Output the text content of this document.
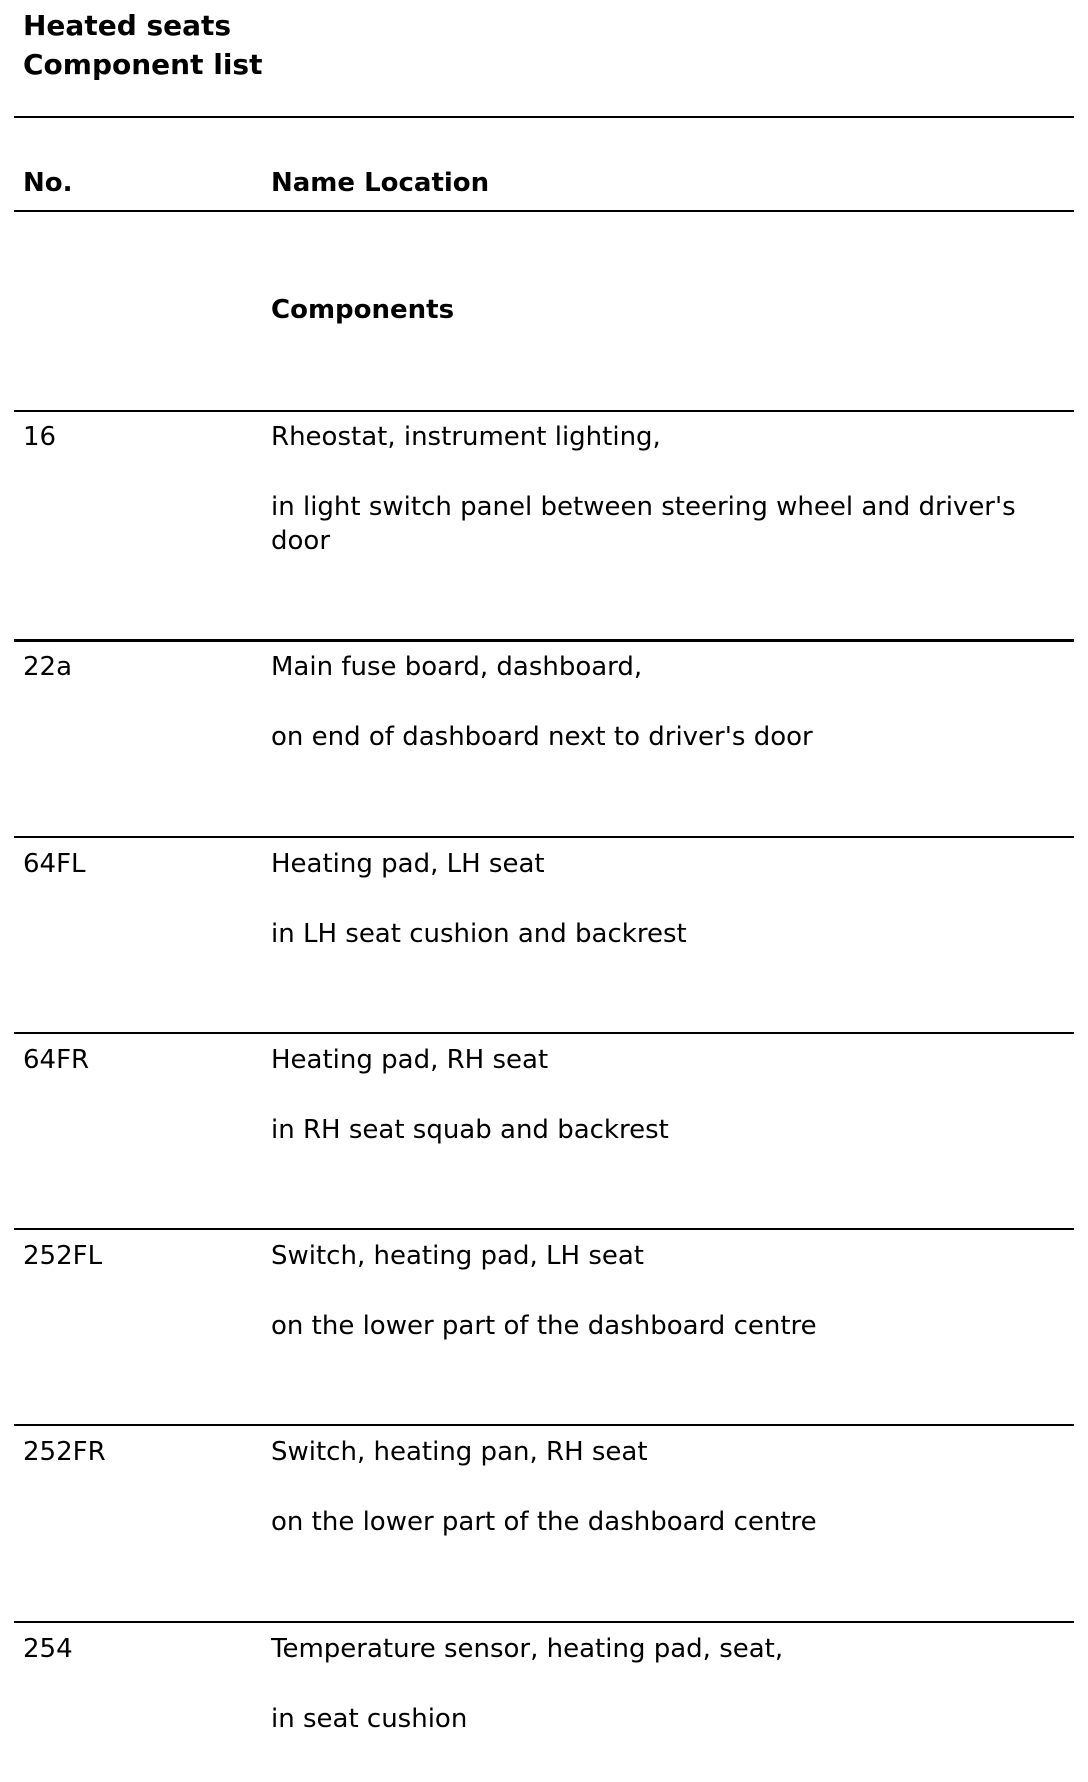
Heated seats
Component list
No.	Name Location
Components
16	Rheostat, instrument lighting,
in light switch panel between steering wheel and driver's door
22a	Main fuse board, dashboard,
on end of dashboard next to driver's door
64FL	Heating pad, LH seat
in LH seat cushion and backrest
64FR	Heating pad, RH seat
in RH seat squab and backrest
252FL	Switch, heating pad, LH seat
on the lower part of the dashboard centre
252FR	Switch, heating pan, RH seat
on the lower part of the dashboard centre
254	Temperature sensor, heating pad, seat,
in seat cushion
